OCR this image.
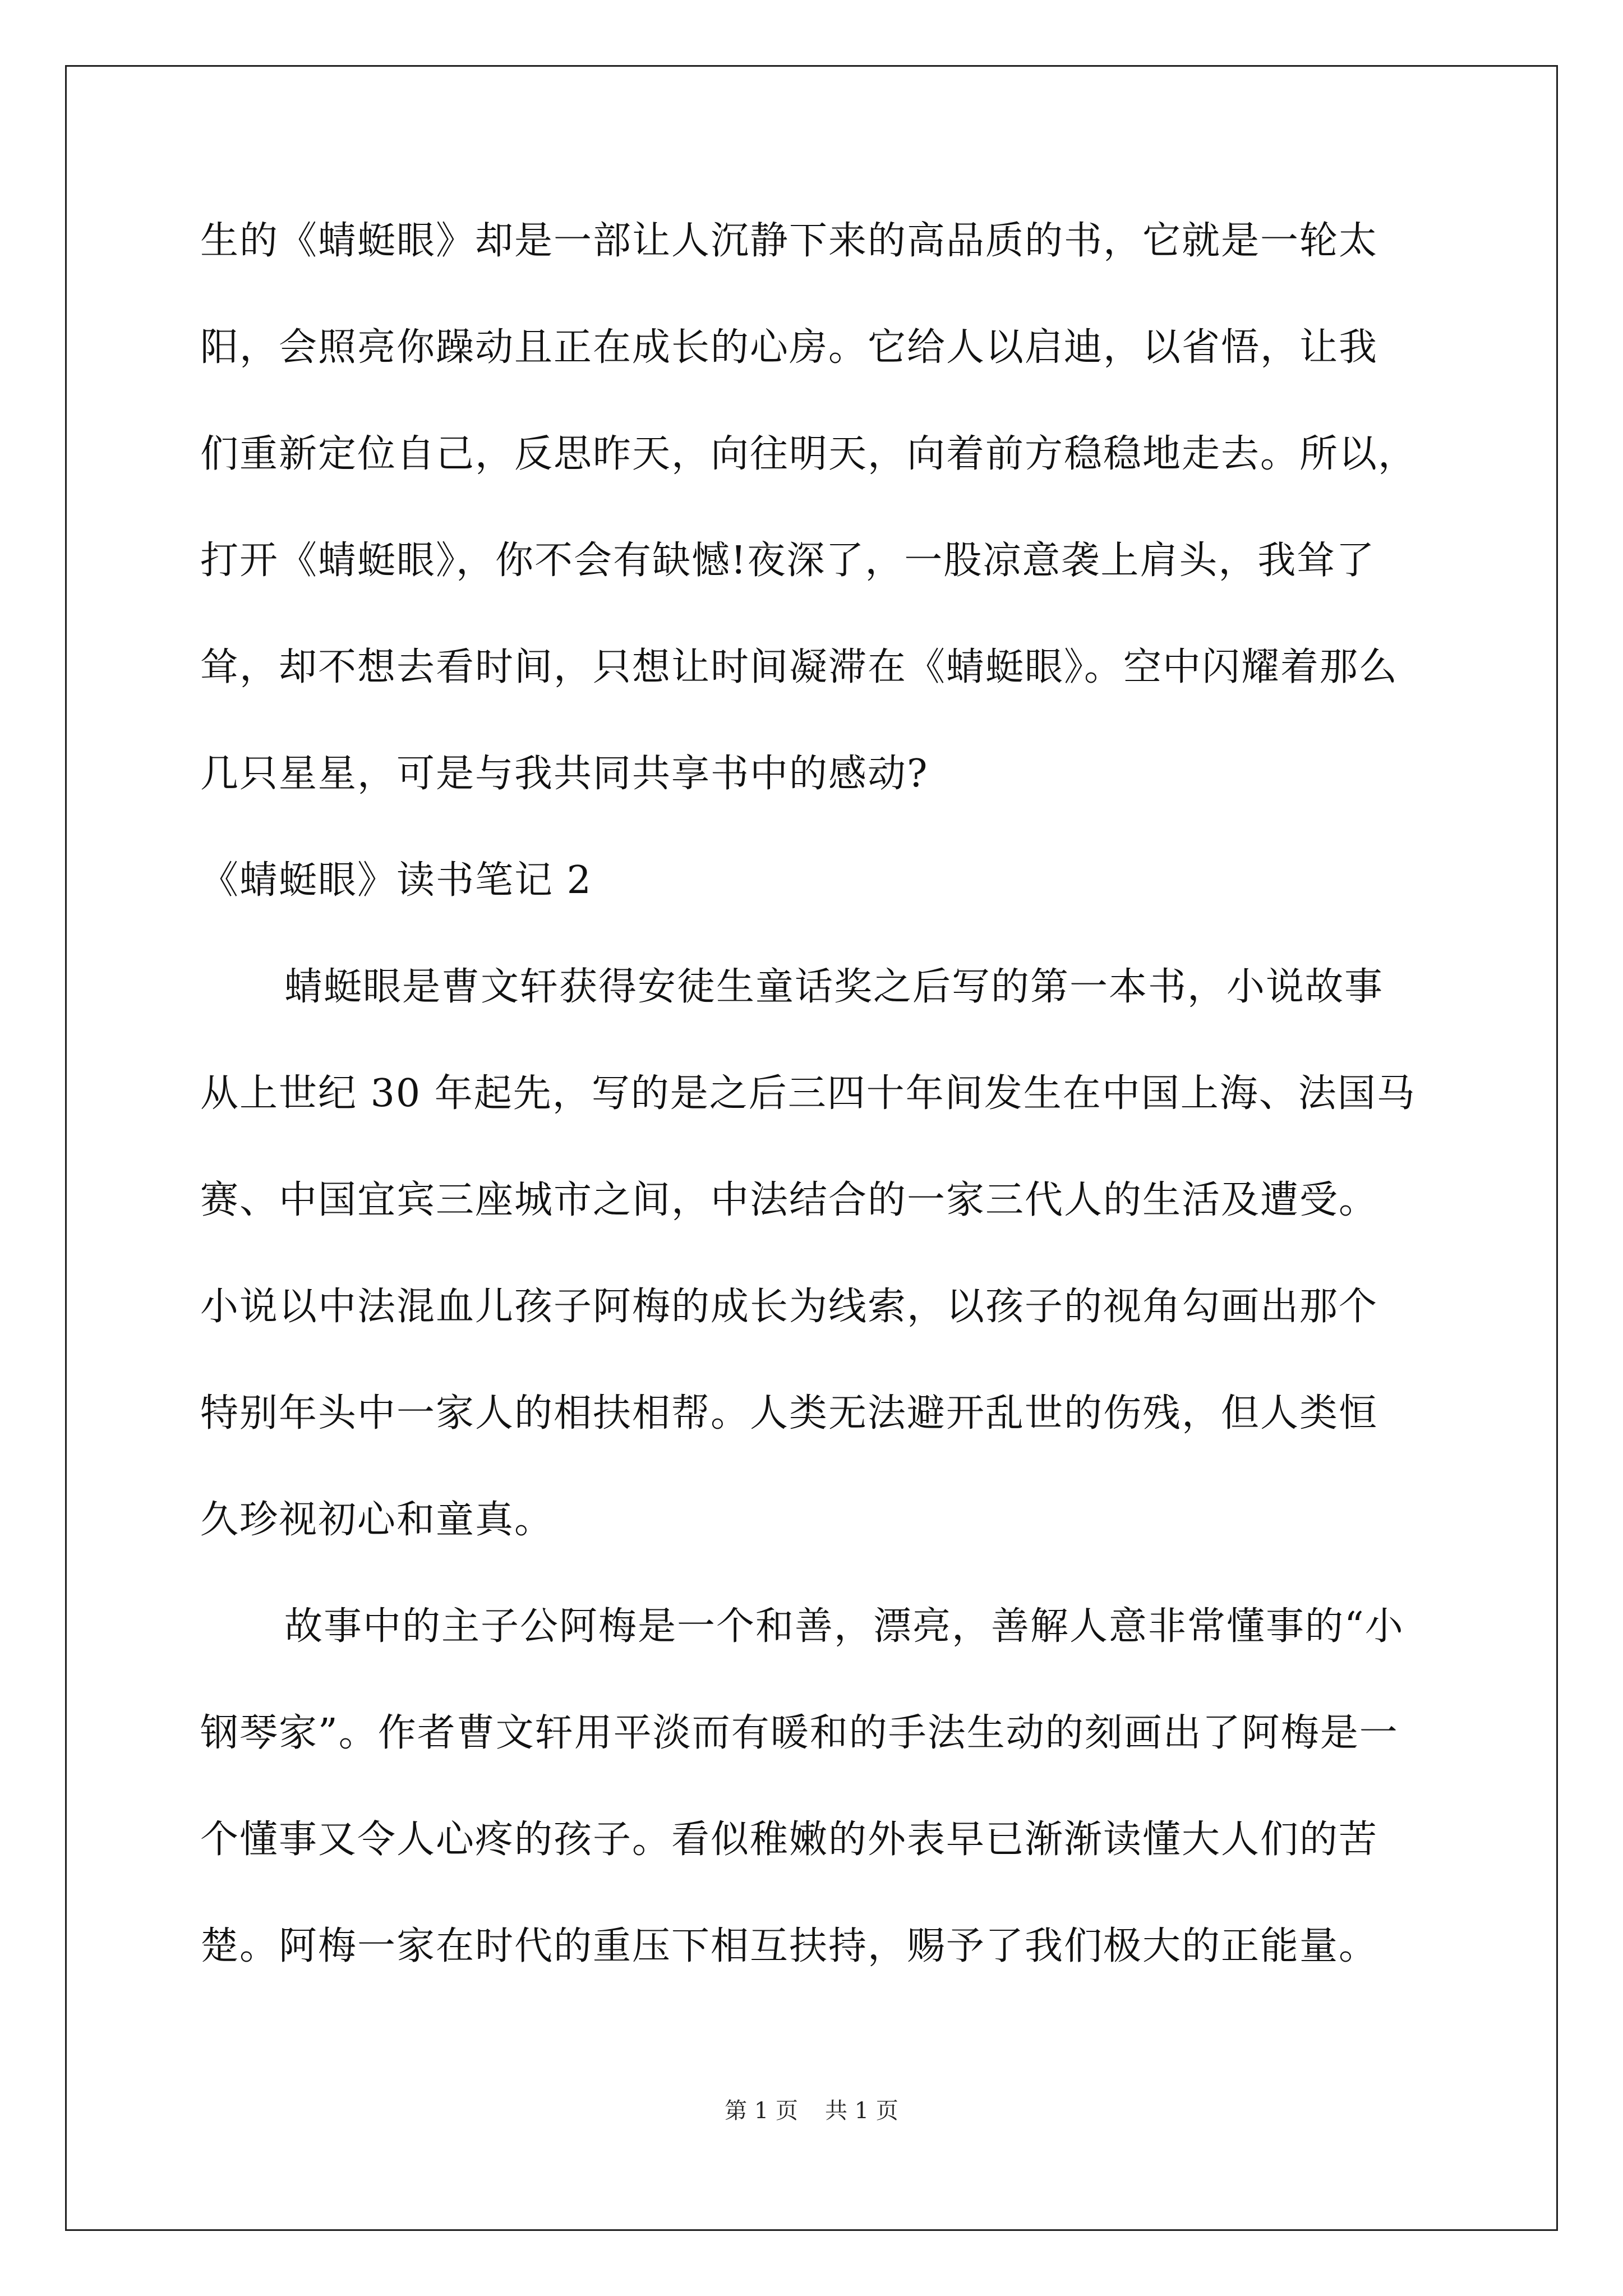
生的《蜻蜓眼》却是一部让人沉静下来的高品质的书，它就是一轮太
阳，会照亮你躁动且正在成长的心房。它给人以启迪，以省悟，让我
们重新定位自己，反思昨天，向往明天，向着前方稳稳地走去。所以，
打开《蜻蜓眼》，你不会有缺憾!夜深了，一股凉意袭上肩头，我耸了
耸，却不想去看时间，只想让时间凝滞在《蜻蜓眼》。空中闪耀着那么
几只星星，可是与我共同共享书中的感动?
《蜻蜓眼》读书笔记 2
蜻蜓眼是曹文轩获得安徒生童话奖之后写的第一本书，小说故事
从上世纪 30 年起先，写的是之后三四十年间发生在中国上海、法国马
赛、中国宜宾三座城市之间，中法结合的一家三代人的生活及遭受。
小说以中法混血儿孩子阿梅的成长为线索，以孩子的视角勾画出那个
特别年头中一家人的相扶相帮。人类无法避开乱世的伤残，但人类恒
久珍视初心和童真。
故事中的主子公阿梅是一个和善，漂亮，善解人意非常懂事的“小
钢琴家”。作者曹文轩用平淡而有暖和的手法生动的刻画出了阿梅是一
个懂事又令人心疼的孩子。看似稚嫩的外表早已渐渐读懂大人们的苦
楚。阿梅一家在时代的重压下相互扶持，赐予了我们极大的正能量。
第 1 页 共 1 页
